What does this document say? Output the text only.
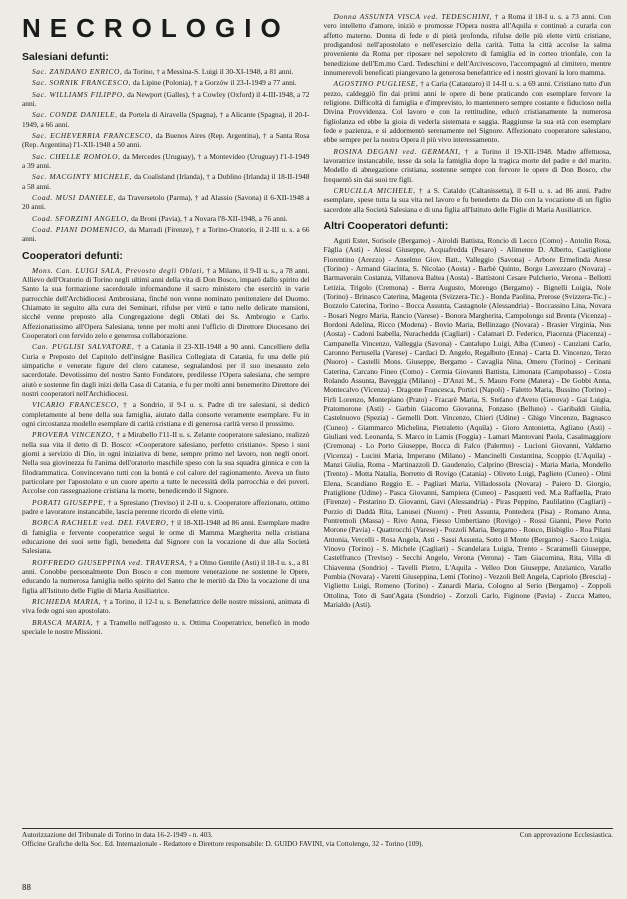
NECROLOGIO
Salesiani defunti:

Sac. ZANDANO ENRICO, da Torino, † a Messina-S. Luigi il 30-XI-1948, a 81 anni.

Sac. SORNIK FRANCESCO, da Lipine (Polonia), † a Gorzów il 23-I-1949 a 77 anni.

Sac. WILLIAMS FILIPPO, da Newport (Galles), † a Cowley (Oxford) il 4-III-1948, a 72 anni.

Sac. CONDE DANIELE, da Portela di Airavella (Spagna), † a Alicante (Spagna), il 20-I-1949, a 66 anni.

Sac. ECHEVERRIA FRANCESCO, da Buenos Aires (Rep. Argentina), † a Santa Rosa (Rep. Argentina) l'1-XII-1948 a 50 anni.

Sac. CHELLE ROMOLO, da Mercedes (Uruguay), † a Montevideo (Uruguay) l'1-I-1949 a 39 anni.

Sac. MACGINTY MICHELE, da Coalisland (Irlanda), † a Dublino (Irlanda) il 18-II-1948 a 58 anni.

Coad. MUSI DANIELE, da Traversetolo (Parma), † ad Alassio (Savona) il 6-XII-1948 a 20 anni.

Coad. SFORZINI ANGELO, da Broni (Pavia), † a Novara l'8-XII-1948, a 76 anni.

Coad. PIANI DOMENICO, da Marradi (Firenze), † a Torino-Oratorio, il 2-III u. s. a 66 anni.

Cooperatori defunti:

Mons. Can. LUIGI SALA, Prevosto degli Oblati, † a Milano, il 9-II u. s., a 78 anni. Allievo dell'Oratorio di Torino negli ultimi anni della vita di Don Bosco, imparò dallo spirito del Santo la sua formazione sacerdotale informandone il sacro ministero che esercitò in varie parrocchie dell'Archidiocesi Ambrosiana, finché non venne nominato penitenziere del Duomo. Chiamato in seguito alla cura dei Seminari, rifulse per virtù e tatto nelle delicate mansioni, sicché venne preposto alla Congregazione degli Oblati dei Ss. Ambrogio e Carlo. Affezionatissimo all'Opera Salesiana, tenne per molti anni l'ufficio di Direttore Diocesano dei Cooperatori con fervido zelo e generosa collaborazione.

Can. PUGLISI SALVATORE, † a Catania il 23-XII-1948 a 90 anni. Cancelliere della Curia e Preposto del Capitolo dell'insigne Basilica Collegiata di Catania, fu una delle più simpatiche e venerate figure del clero catanese, segnalandosi per il suo inesausto zelo sacerdotale. Devotissimo del nostro Santo Fondatore, predilesse l'Opera salesiana, che sempre aiutò e sostenne fin dagli inizi della Casa di Catania, e fu per molti anni benemerito Direttore dei nostri cooperatori nell'Archidiocesi.

VICARIO FRANCESCO, † a Sondrio, il 9-I u. s. Padre di tre salesiani, si dedicò completamente al bene della sua famiglia, aiutato dalla consorte veramente esemplare. Fu in ogni circostanza modello esemplare di carità cristiana e di generosa carità verso il prossimo.

PROVERA VINCENZO, † a Mirabello l'11-II u. s. Zelante cooperatore salesiano, realizzò nella sua vita il detto di D. Bosco: «Cooperatore salesiano, perfetto cristiano». Speso i suoi giorni a servizio di Dio, in ogni iniziativa di bene, sempre primo nel lavoro, non negli onori. Nella sua giovinezza fu l'anima dell'oratorio maschile speso con la sua squadra ginnica e con la filodrammatica. Convincevano tutti con la bontà e col calore del ragionamento. Aveva un fiuto particolare per l'apostolato e un cuore aperto a tutte le necessità della parrocchia e dei poveri. Accolse con rassegnazione cristiana la morte, benedicendo il Signore.

PORATI GIUSEPPE, † a Spresiano (Treviso) il 2-II u. s. Cooperatore affezionato, ottimo padre e lavoratore instancabile, lascia perenne ricordo di elette virtù.

BORCA RACHELE ved. DEL FAVERO, † il 18-XII-1948 ad 86 anni. Esemplare madre di famiglia e fervente cooperatrice seguì le orme di Mamma Margherita nella cristiana educazione dei suoi sette figli, benedetta dal Signore con la vocazione di due alla Società Salesiana.

ROFFREDO GIUSEPPINA ved. TRAVERSA, † a Olmo Gentile (Asti) il 18-I u. s., a 81 anni. Conobbe personalmente Don Bosco e con memore venerazione ne sostenne le Opere, educando la numerosa famiglia nello spirito del Santo che le meritò da Dio la vocazione di una figlia all'Istituto delle Figlie di Maria Ausiliatrice.

RICHIEDA MARIA, † a Torino, il 12-I u. s. Benefattrice delle nostre missioni, animata di viva fede ogni suo apostolato.

BRASCA MARIA, † a Tramello nell'agosto u. s. Ottima Cooperatrice, beneficò in modo speciale le nostre Missioni.

Donna ASSUNTA VISCA ved. TEDESCHINI, † a Roma il 18-I u. s. a 73 anni. Con vero intelletto d'amore, iniziò e promosse l'Opera nostra all'Aquila e continuò a curarla con affetto materno. Donna di fede e di pietà profonda, rifulse delle più elette virtù cristiane, prodigandosi nell'apostolato e nell'esercizio della carità. Tutta la città accolse la salma proveniente da Roma per riposare nel sepolcreto di famiglia ed in corteo trionfale, con la benedizione dell'Em.mo Card. Tedeschini e dell'Arcivescovo, l'accompagnò al cimitero, mentre innumerevoli beneficati piangevano la generosa benefattrice ed i nostri giovani la loro mamma.

AGOSTINO PUGLIESE, † a Caria (Catanzaro) il 14-II u. s. a 69 anni. Cristiano tutto d'un pezzo, caldeggiò fin dai primi anni le opere di bene praticando con esemplare fervore la religione. Difficoltà di famiglia e d'imprevisto, lo mantennero sempre costante e fiducioso nella Divina Provvidenza. Col lavoro e con la rettitudine, educò cristianamente la numerosa figliolanza ed ebbe la gioia di vederla sistemata e saggia. Raggiunse la sua età con esemplare fede e pazienza, e si addormentò serenamente nel Signore. Affezionato cooperatore salesiano, ebbe sempre per la nostra Opera il più vivo interessamento.

ROSINA DEGANI ved. GERMANI, † a Torino il 19-XII-1948. Madre affettuosa, lavoratrice instancabile, tesse da sola la famiglia dopo la tragica morte del padre e del marito. Modello di abnegazione cristiana, sostenne sempre con fervore le opere di Don Bosco, che frequentò sin dai suoi tre figli.

CRUCILLA MICHELE, † a S. Cataldo (Caltanissetta), il 6-II u. s. ad 86 anni. Padre esemplare, spese tutta la sua vita nel lavoro e fu benedetto da Dio con la vocazione di un figlio sacerdote alla Società Salesiana e di una figlia all'Istituto delle Figlie di Maria Ausiliatrice.

Altri Cooperatori defunti:

Aguti Ester, Sorisole (Bergamo) - Airoldi Battista, Roncio di Lecco (Como) - Antolin Rosa, Fàglia (Asti) - Alessi Giuseppe, Acquafredda (Pesaro) - Alimente D. Alberto, Castiglione Fiorentino (Arezzo) - Anselmo Giov. Batt., Valleggio (Savona) - Arbore Ermelinda Arese (Torino) - Armand Giacinta, S. Nicolao (Aosta) - Barbè Quinto, Borgo Lavezzaro (Novara) - Barmaverain Costanza, Villanova Baltea (Aosta) - Battistoni Cesare Pulcherio, Verona - Bellotti Letizia, Trigolo (Cremona) - Berra Augusto, Morengo (Bergamo) - Bignelli Luigia, Nole (Torino) - Brinasco Caterina, Magenta (Svizzera-Tic.) - Bonda Paolina, Prerose (Svizzera-Tic.) - Bozzolo Caterina, Torino - Bocca Assunta, Castagnole (Alessandria) - Boccassino Lina, Novara - Bosari Negro Maria, Rancio (Varese) - Bonora Margherita, Campolongo sul Brenta (Vicenza) - Bordoni Adelina, Ricco (Modena) - Bovio Maria, Bellinzago (Novara) - Brasier Virginia, Nus (Aosta) - Cadoni Isabella, Nurachedda (Cagliari) - Calamari D. Federico, Piacenza (Piacenza) - Campanella Vincenzo, Valleggia (Savona) - Cantalupo Luigi, Alba (Cuneo) - Canziani Carlo, Caronno Pertusella (Varese) - Cardaci D. Angelo, Regalbuto (Enna) - Carta D. Vincenzo, Terzo (Nuoro) - Castelli Mons. Giuseppe, Bergamo - Cavaglia Nina, Omero (Torino) - Cerinani Caterina, Carcano Fineo (Como) - Cermia Giovanni Battista, Limonata (Campobasso) - Costa Rolando Assunta, Baveggia (Milano) - D'Anzi M., S. Mauro Forte (Matera) - De Gobbi Anna, Montecalvo (Vicenza) - Dragone Francesca, Portici (Napoli) - Faletto Maria, Bussino (Torino) - Firli Lorenzo, Montepiano (Prato) - Fracarè Maria, S. Stefano d'Aveto (Genova) - Gai Luigia, Pratomorone (Asti) - Garbin Giacomo Giovanna, Fonzaso (Belluno) - Garibaldi Giulia, Castelnuovo (Spezia) - Gemelli Dott. Vincenzo, Chieri (Udine) - Ghigo Vincenzo, Bagnasco (Cuneo) - Giammarco Michelina, Pietraletto (Aquila) - Gioro Antonietta, Agliano (Asti) - Giuliani ved. Leonarda, S. Marco in Lamis (Foggia) - Lamari Mantovani Paola, Casalmaggiore (Cremona) - Lo Porto Giuseppe, Bocca di Falco (Palermo) - Lucioni Giovanni, Valdarno (Vicenza) - Lucini Maria, Imperano (Milano) - Mancinelli Costantina, Scoppio (L'Aquila) - Manzi Giulia, Roma - Martinazzoli D. Gaudenzio, Calprino (Brescia) - Maria Maria, Mondello (Trento) - Motta Natalia, Borretto di Rovigo (Catania) - Oliveto Luigi, Paglieto (Cuneo) - Olmi Elena, Scandiano Reggio E. - Pagliari Maria, Villadossola (Novara) - Paiero D. Giorgio, Pratiglione (Udine) - Pasca Giovanni, Sampiera (Cuneo) - Pasquetti ved. M.a Raffaella, Prato (Firenze) - Pestarino D. Giovanni, Gavi (Alessandria) - Piras Peppino, Paulilatino (Cagliari) - Porzio di Daddà Rita, Lanusei (Nuoro) - Preti Assunta, Pontedera (Pisa) - Romano Anna, Pontremoli (Massa) - Rivo Anna, Fiesso Umbertiano (Rovigo) - Rossi Gianni, Pieve Porto Morone (Pavia) - Quattrocchi (Varese) - Pozzoli Maria, Bergamo - Ronco, Bisbiglio - Roa Pilani Antonia, Vercelli - Rosa Angela, Asti - Sassi Assunta, Sotto il Monte (Bergamo) - Sacco Luigia, Vinovo (Torino) - S. Michele (Cagliari) - Scandelara Luigia, Trento - Scaramelli Giuseppe, Castelfranco (Treviso) - Secchi Angelo, Verona (Verona) - Tam Giacomina, Rita, Villa di Chiavenna (Sondrio) - Tavelli Pietro, L'Aquila - Velleo Don Giuseppe, Anzianico, Varallo Pombia (Novara) - Varetti Giuseppina, Lemi (Torino) - Vezzoli Bell Angela, Capriolo (Brescia) - Viglietto Luigi, Romeno (Torino) - Zanardi Maria, Cologno al Serio (Bergamo) - Zoppoli Ottolina, Toto di Sant'Agata (Sondrio) - Zorzoli Carlo, Figinone (Pavia) - Zucca Matteo, Marialdo (Asti).

Autorizzazione del Tribunale di Torino in data 16-2-1949 - n. 403.	Con approvazione Ecclesiastica.
Officine Grafiche della Soc. Ed. Internazionale - Redattore e Direttore responsabile: D. GUIDO FAVINI, via Cottolengo, 32 - Torino (109).
88
